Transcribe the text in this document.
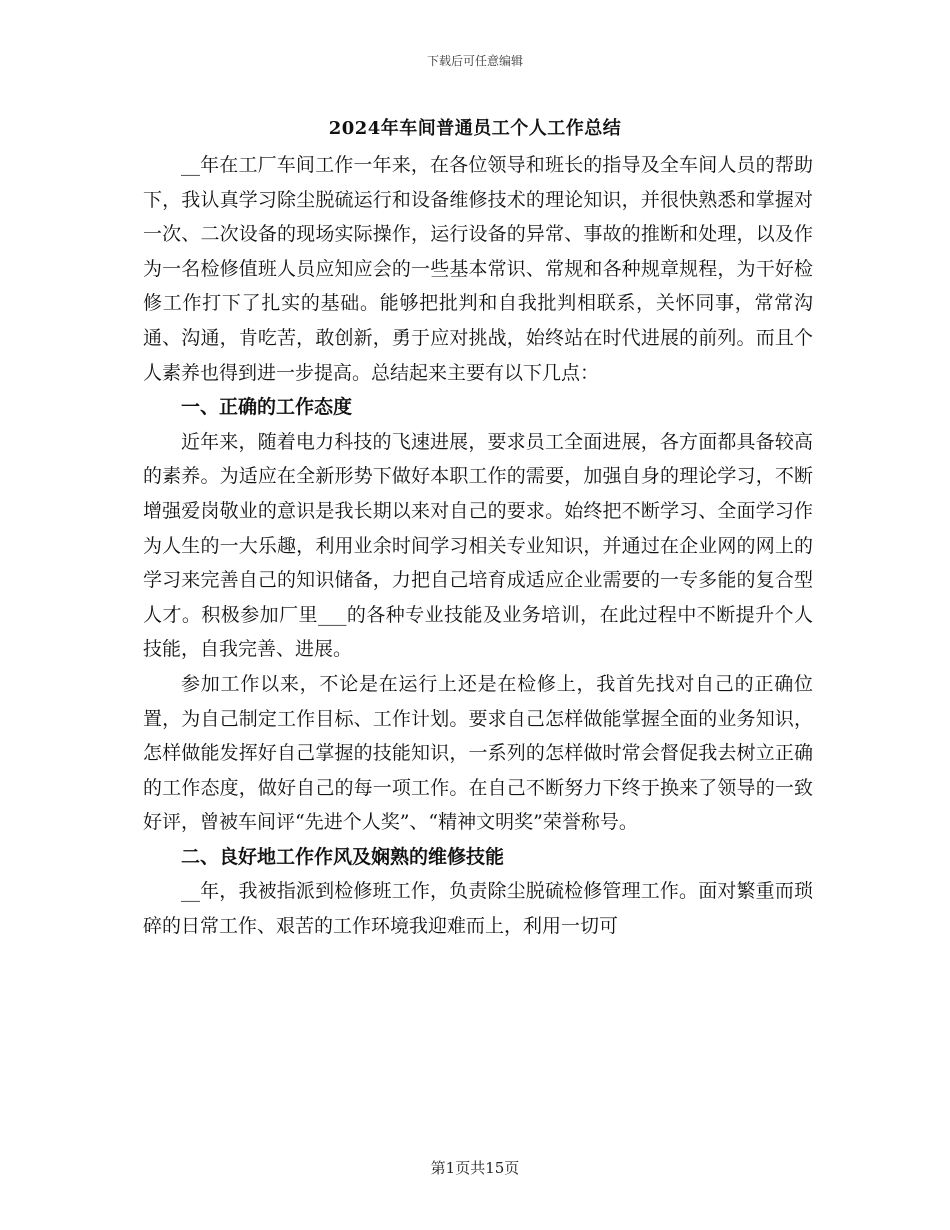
下载后可任意编辑
2024年车间普通员工个人工作总结

__年在工厂车间工作一年来，在各位领导和班长的指导及全车间人员的帮助下，我认真学习除尘脱硫运行和设备维修技术的理论知识，并很快熟悉和掌握对一次、二次设备的现场实际操作，运行设备的异常、事故的推断和处理，以及作为一名检修值班人员应知应会的一些基本常识、常规和各种规章规程，为干好检修工作打下了扎实的基础。能够把批判和自我批判相联系，关怀同事，常常沟通、沟通，肯吃苦，敢创新，勇于应对挑战，始终站在时代进展的前列。而且个人素养也得到进一步提高。总结起来主要有以下几点：

一、正确的工作态度

近年来，随着电力科技的飞速进展，要求员工全面进展，各方面都具备较高的素养。为适应在全新形势下做好本职工作的需要，加强自身的理论学习，不断增强爱岗敬业的意识是我长期以来对自己的要求。始终把不断学习、全面学习作为人生的一大乐趣，利用业余时间学习相关专业知识，并通过在企业网的网上的学习来完善自己的知识储备，力把自己培育成适应企业需要的一专多能的复合型人才。积极参加厂里___的各种专业技能及业务培训，在此过程中不断提升个人技能，自我完善、进展。

参加工作以来，不论是在运行上还是在检修上，我首先找对自己的正确位置，为自己制定工作目标、工作计划。要求自己怎样做能掌握全面的业务知识，怎样做能发挥好自己掌握的技能知识，一系列的怎样做时常会督促我去树立正确的工作态度，做好自己的每一项工作。在自己不断努力下终于换来了领导的一致好评，曾被车间评“先进个人奖”、“精神文明奖”荣誉称号。

二、良好地工作作风及娴熟的维修技能

__年，我被指派到检修班工作，负责除尘脱硫检修管理工作。面对繁重而琐碎的日常工作、艰苦的工作环境我迎难而上，利用一切可

第1页共15页
